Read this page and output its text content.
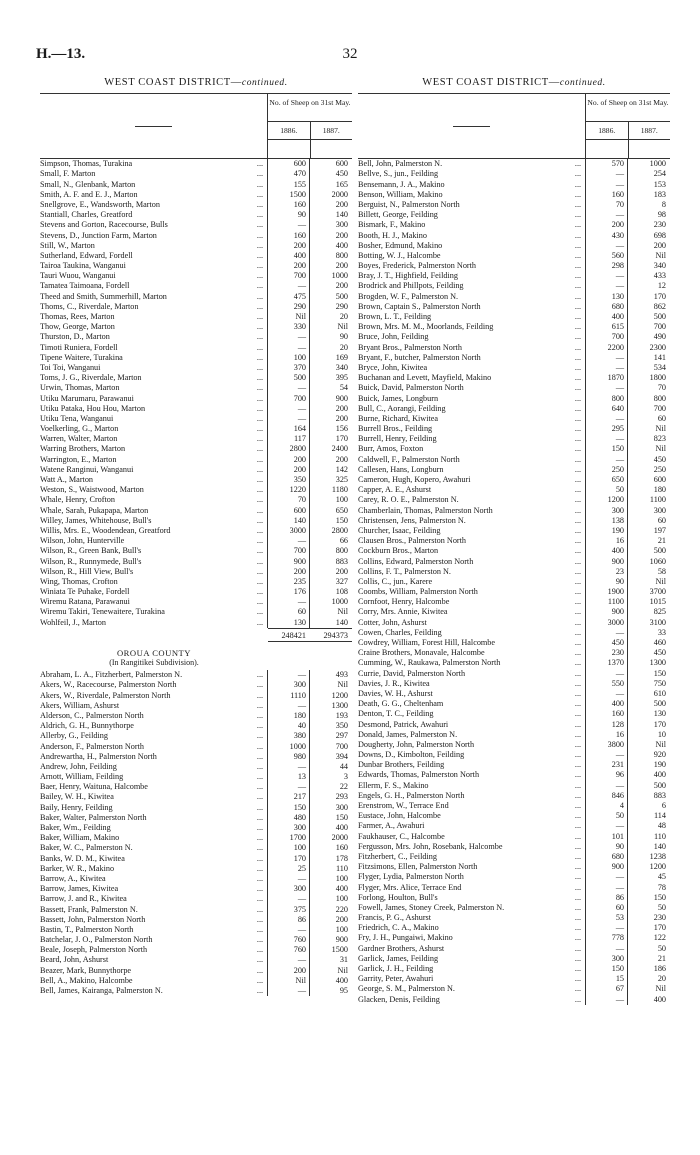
H.—13.	32
WEST COAST DISTRICT—continued.
No. of Sheep on 31st May.
1886.	1887.
Simpson, Thomas, Turakina	...	600	600
Small, F. Marton	...	470	450
Small, N., Glenbank, Marton	...	155	165
Smith, A. F. and E. J., Marton	...	1500	2000
Snellgrove, E., Wandsworth, Marton	...	160	200
Stantiall, Charles, Greatford	...	90	140
Stevens and Gorton, Racecourse, Bulls	...	—	300
Stevens, D., Junction Farm, Marton	...	160	200
Still, W., Marton	...	200	400
Sutherland, Edward, Fordell	...	400	800
Tairoa Taukina, Wanganui	...	200	200
Tauri Wuou, Wanganui	...	700	1000
Tamatea Taimoana, Fordell	...	—	200
Theed and Smith, Summerhill, Marton	...	475	500
Thoms, C., Riverdale, Marton	...	290	290
Thomas, Rees, Marton	...	Nil	20
Thow, George, Marton	...	330	Nil
Thurston, D., Marton	...	—	90
Timoti Runiera, Fordell	...	—	20
Tipene Waitere, Turakina	...	100	169
Toi Toi, Wanganui	...	370	340
Toms, J. G., Riverdale, Marton	...	500	395
Urwin, Thomas, Marton	...	—	54
Utiku Marumaru, Parawanui	...	700	900
Utiku Pataka, Hou Hou, Marton	...	—	200
Utiku Tena, Wanganui	...	—	200
Voelkerling, G., Marton	...	164	156
Warren, Walter, Marton	...	117	170
Warring Brothers, Marton	...	2800	2400
Warrington, E., Marton	...	200	200
Watene Ranginui, Wanganui	...	200	142
Watt A., Marton	...	350	325
Weston, S., Waistwood, Marton	...	1220	1180
Whale, Henry, Crofton	...	70	100
Whale, Sarah, Pukapapa, Marton	...	600	650
Willey, James, Whitehouse, Bull's	...	140	150
Willis, Mrs. E., Woodendean, Greatford	...	3000	2800
Wilson, John, Hunterville	...	—	66
Wilson, R., Green Bank, Bull's	...	700	800
Wilson, R., Runnymede, Bull's	...	900	883
Wilson, R., Hill View, Bull's	...	200	200
Wing, Thomas, Crofton	...	235	327
Winiata Te Puhake, Fordell	...	176	108
Wiremu Ratana, Parawanui	...	—	1000
Wiremu Takiri, Tenewaitere, Turakina	...	60	Nil
Wohlfeil, J., Marton	...	130	140
248421	294373
OROUA COUNTY
(In Rangitikei Subdivision).
Abraham, L. A., Fitzherbert, Palmerston N.	...	—	493
Akers, W., Racecourse, Palmerston North	...	300	Nil
Akers, W., Riverdale, Palmerston North	...	1110	1200
Akers, William, Ashurst	...	—	1300
Alderson, C., Palmerston North	...	180	193
Aldrich, G. H., Bunnythorpe	...	40	350
Allerby, G., Feilding	...	380	297
Anderson, F., Palmerston North	...	1000	700
Andrewartha, H., Palmerston North	...	980	394
Andrew, John, Feilding	...	—	44
Arnott, William, Feilding	...	13	3
Baer, Henry, Waituna, Halcombe	...	—	22
Bailey, W. H., Kiwitea	...	217	293
Baily, Henry, Feilding	...	150	300
Baker, Walter, Palmerston North	...	480	150
Baker, Wm., Feilding	...	300	400
Baker, William, Makino	...	1700	2000
Baker, W. C., Palmerston N.	...	100	160
Banks, W. D. M., Kiwitea	...	170	178
Barker, W. R., Makino	...	25	110
Barrow, A., Kiwitea	...	—	100
Barrow, James, Kiwitea	...	300	400
Barrow, J. and R., Kiwitea	...	—	100
Bassett, Frank, Palmerston N.	...	375	220
Bassett, John, Palmerston North	...	86	200
Bastin, T., Palmerston North	...	—	100
Batchelar, J. O., Palmerston North	...	760	900
Beale, Joseph, Palmerston North	...	760	1500
Beard, John, Ashurst	...	—	31
Beazer, Mark, Bunnythorpe	...	200	Nil
Bell, A., Makino, Halcombe	...	Nil	400
Bell, James, Kairanga, Palmerston N.	...	—	95
WEST COAST DISTRICT—continued.
No. of Sheep on 31st May.
1886.	1887.
Bell, John, Palmerston N.	...	570	1000
Bellve, S., jun., Feilding	...	—	254
Bensemann, J. A., Makino	...	—	153
Benson, William, Makino	...	160	183
Berguist, N., Palmerston North	...	70	8
Billett, George, Feilding	...	—	98
Bismark, F., Makino	...	200	230
Booth, H. J., Makino	...	430	698
Bosher, Edmund, Makino	...	—	200
Botting, W. J., Halcombe	...	560	Nil
Boyes, Frederick, Palmerston North	...	298	340
Bray, J. T., Highfield, Feilding	...	—	433
Brodrick and Phillpots, Feilding	...	—	12
Brogden, W. F., Palmerston N.	...	130	170
Brown, Captain S., Palmerston North	...	680	862
Brown, L. T., Feilding	...	400	500
Brown, Mrs. M. M., Moorlands, Feilding	...	615	700
Bruce, John, Feilding	...	700	490
Bryant Bros., Palmerston North	...	2200	2300
Bryant, F., butcher, Palmerston North	...	—	141
Bryce, John, Kiwitea	...	—	534
Buchanan and Levett, Mayfield, Makino	...	1870	1800
Buick, David, Palmerston North	...	—	70
Buick, James, Longburn	...	800	800
Bull, C., Aorangi, Feilding	...	640	700
Burne, Richard, Kiwitea	...	—	60
Burrell Bros., Feilding	...	295	Nil
Burrell, Henry, Feilding	...	—	823
Burr, Amos, Foxton	...	150	Nil
Caldwell, F., Palmerston North	...	—	450
Callesen, Hans, Longburn	...	250	250
Cameron, Hugh, Kopero, Awahuri	...	650	600
Capper, A. E., Ashurst	...	50	180
Carey, R. O. E., Palmerston N.	...	1200	1100
Chamberlain, Thomas, Palmerston North	...	300	300
Christensen, Jens, Palmerston N.	...	138	60
Churcher, Isaac, Feilding	...	190	197
Clausen Bros., Palmerston North	...	16	21
Cockburn Bros., Marton	...	400	500
Collins, Edward, Palmerston North	...	900	1060
Collins, F. T., Palmerston N.	...	23	58
Collis, C., jun., Karere	...	90	Nil
Coombs, William, Palmerston North	...	1900	3700
Cornfoot, Henry, Halcombe	...	1100	1015
Corry, Mrs. Annie, Kiwitea	...	900	825
Cotter, John, Ashurst	...	3000	3100
Cowen, Charles, Feilding	...	—	33
Cowdrey, William, Forest Hill, Halcombe	...	450	460
Craine Brothers, Monavale, Halcombe	...	230	450
Cumming, W., Raukawa, Palmerston North	...	1370	1300
Currie, David, Palmerston North	...	—	150
Davies, J. R., Kiwitea	...	550	750
Davies, W. H., Ashurst	...	—	610
Death, G. G., Cheltenham	...	400	500
Denton, T. C., Feilding	...	160	130
Desmond, Patrick, Awahuri	...	128	170
Donald, James, Palmerston N.	...	16	10
Dougherty, John, Palmerston North	...	3800	Nil
Downs, D., Kimbolton, Feilding	...	—	920
Dunbar Brothers, Feilding	...	231	190
Edwards, Thomas, Palmerston North	...	96	400
Ellerm, F. S., Makino	...	—	500
Engels, G. H., Palmerston North	...	846	883
Erenstrom, W., Terrace End	...	4	6
Eustace, John, Halcombe	...	50	114
Farmer, A., Awahuri	...	—	48
Faukhauser, C., Halcombe	...	101	110
Fergusson, Mrs. John, Rosebank, Halcombe	...	90	140
Fitzherbert, C., Feilding	...	680	1238
Fitzsimons, Ellen, Palmerston North	...	900	1200
Flyger, Lydia, Palmerston North	...	—	45
Flyger, Mrs. Alice, Terrace End	...	—	78
Forlong, Houlton, Bull's	...	86	150
Fowell, James, Stoney Creek, Palmerston N.	...	60	50
Francis, P. G., Ashurst	...	53	230
Friedrich, C. A., Makino	...	—	170
Fry, J. H., Pungaiwi, Makino	...	778	122
Gardner Brothers, Ashurst	...	—	50
Garlick, James, Feilding	...	300	21
Garlick, J. H., Feilding	...	150	186
Garrity, Peter, Awahuri	...	15	20
George, S. M., Palmerston N.	...	67	Nil
Glacken, Denis, Feilding	...	—	400
